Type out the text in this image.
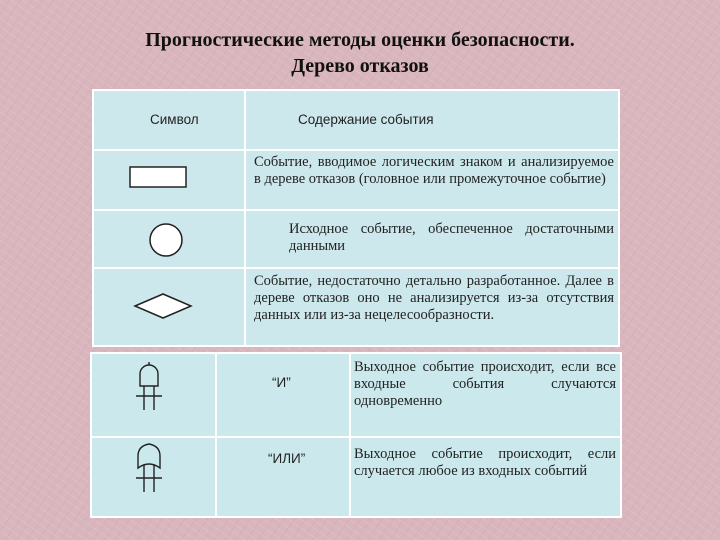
Прогностические методы оценки безопасности.
Дерево отказов
Символ	Содержание события
Событие, вводимое логическим знаком и анализируемое в дереве отказов (головное или промежуточное событие)
Исходное событие, обеспеченное достаточными данными
Событие, недостаточно детально разработанное. Далее в дереве отказов оно не анализируется из-за отсутствия данных или из-за нецелесообразности.
“И”
Выходное событие происходит, если все входные события случаются одновременно
“ИЛИ”	Выходное событие происходит, если случается любое из входных событий
